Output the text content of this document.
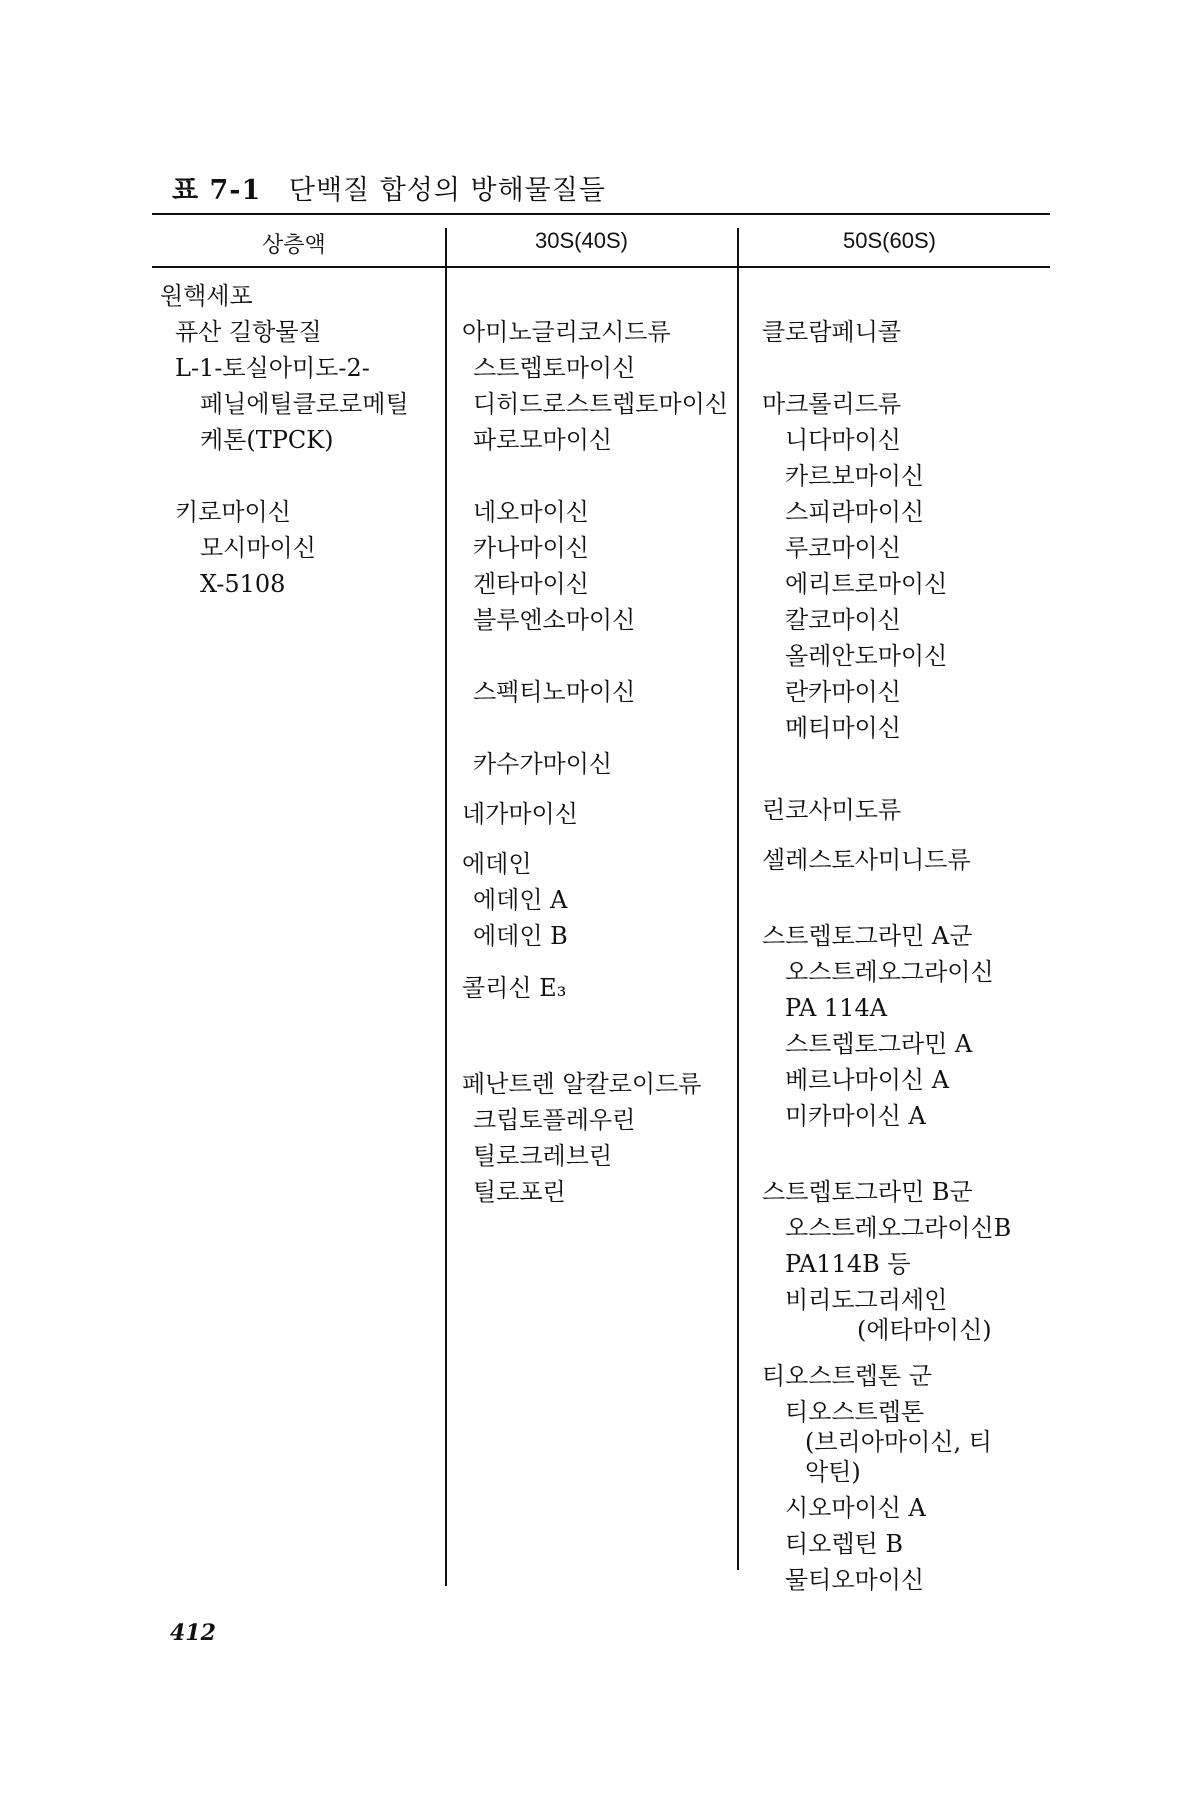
표 7-1 단백질 합성의 방해물질들
상층액	30S(40S)	50S(60S)
원핵세포
퓨산 길항물질
L-1-토실아미도-2-
페닐에틸클로로메틸
케톤(TPCK)
키로마이신
모시마이신
X-5108
아미노글리코시드류
스트렙토마이신
디히드로스트렙토마이신
파로모마이신
네오마이신
카나마이신
겐타마이신
블루엔소마이신
스펙티노마이신
카수가마이신
네가마이신
에데인
에데인 A
에데인 B
콜리신 E₃
페난트렌 알칼로이드류
크립토플레우린
틸로크레브린
틸로포린
클로람페니콜
마크롤리드류
니다마이신
카르보마이신
스피라마이신
루코마이신
에리트로마이신
칼코마이신
올레안도마이신
란카마이신
메티마이신
린코사미도류
셀레스토사미니드류
스트렙토그라민 A군
오스트레오그라이신
PA 114A
스트렙토그라민 A
베르나마이신 A
미카마이신 A
스트렙토그라민 B군
오스트레오그라이신B
PA114B 등
비리도그리세인
(에타마이신)
티오스트렙톤 군
티오스트렙톤
(브리아마이신, 티
악틴)
시오마이신 A
티오렙틴 B
물티오마이신
412
